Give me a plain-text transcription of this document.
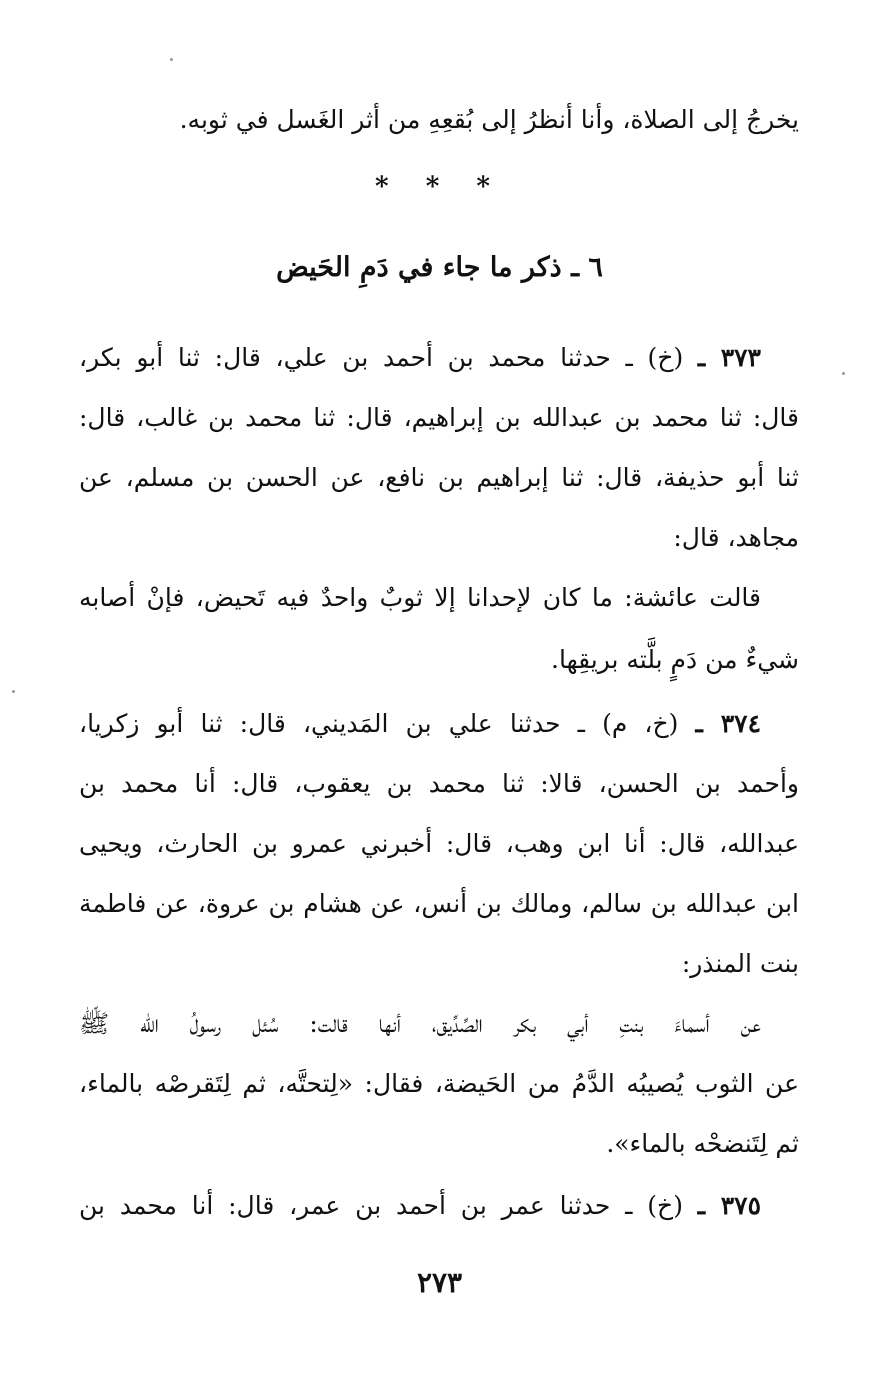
يخرجُ إلى الصلاة، وأنا أنظرُ إلى بُقعِهِ من أثر الغَسل في ثوبه.
* * *
٦ ـ ذكر ما جاء في دَمِ الحَيض
٣٧٣ ـ (خ) ـ حدثنا محمد بن أحمد بن علي، قال: ثنا أبو بكر،
قال: ثنا محمد بن عبدالله بن إبراهيم، قال: ثنا محمد بن غالب، قال:
ثنا أبو حذيفة، قال: ثنا إبراهيم بن نافع، عن الحسن بن مسلم، عن
مجاهد، قال:
قالت عائشة: ما كان لإحدانا إلا ثوبٌ واحدٌ فيه تَحيض، فإنْ أصابه
شيءٌ من دَمٍ بلَّته بريقِها.
٣٧٤ ـ (خ، م) ـ حدثنا علي بن المَديني، قال: ثنا أبو زكريا،
وأحمد بن الحسن، قالا: ثنا محمد بن يعقوب، قال: أنا محمد بن
عبدالله، قال: أنا ابن وهب، قال: أخبرني عمرو بن الحارث، ويحيى
ابن عبدالله بن سالم، ومالك بن أنس، عن هشام بن عروة، عن فاطمة
بنت المنذر:
عن أسماءَ بنتِ أبي بكر الصِّدِّيق، أنها قالت: سُئل رسولُ الله ﷺ
عن الثوب يُصيبُه الدَّمُ من الحَيضة، فقال: «لِتحتَّه، ثم لِتَقرصْه بالماء،
ثم لِتَنضحْه بالماء».
٣٧٥ ـ (خ) ـ حدثنا عمر بن أحمد بن عمر، قال: أنا محمد بن
٢٧٣
